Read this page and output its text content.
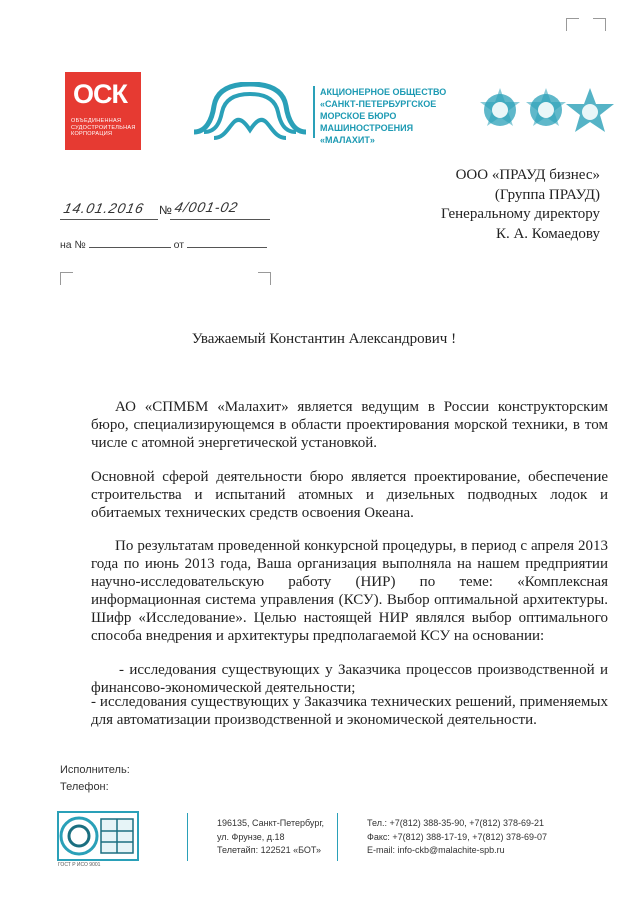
ОСК
ОБЪЕДИНЕННАЯ СУДОСТРОИТЕЛЬНАЯ КОРПОРАЦИЯ
АКЦИОНЕРНОЕ ОБЩЕСТВО
«САНКТ-ПЕТЕРБУРГСКОЕ
МОРСКОЕ БЮРО МАШИНОСТРОЕНИЯ
«МАЛАХИТ»
ООО «ПРАУД бизнес»
(Группа ПРАУД)
Генеральному директору
К. А. Комаедову
14.01.2016 № 4/001-02
на №	от
Уважаемый Константин Александрович !
АО «СПМБМ «Малахит» является ведущим в России конструкторским бюро, специализирующемся в области проектирования морской техники, в том числе с атомной энергетической установкой.
Основной сферой деятельности бюро является проектирование, обеспечение строительства и испытаний атомных и дизельных подводных лодок и обитаемых технических средств освоения Океана.
По результатам проведенной конкурсной процедуры, в период с апреля 2013 года по июнь 2013 года, Ваша организация выполняла на нашем предприятии научно-исследовательскую работу (НИР) по теме: «Комплексная информационная система управления (КСУ). Выбор оптимальной архитектуры. Шифр «Исследование». Целью настоящей НИР являлся выбор оптимального способа внедрения и архитектуры предполагаемой КСУ на основании:
- исследования существующих у Заказчика процессов производственной и финансово-экономической деятельности;
- исследования существующих у Заказчика технических решений, применяемых для автоматизации производственной и экономической деятельности.
Исполнитель:
Телефон:
ГОСТ Р ИСО 9001
196135, Санкт-Петербург,
ул. Фрунзе, д.18
Телетайп: 122521 «БОТ»
Тел.: +7(812) 388-35-90, +7(812) 378-69-21
Факс: +7(812) 388-17-19, +7(812) 378-69-07
E-mail: info-ckb@malachite-spb.ru
